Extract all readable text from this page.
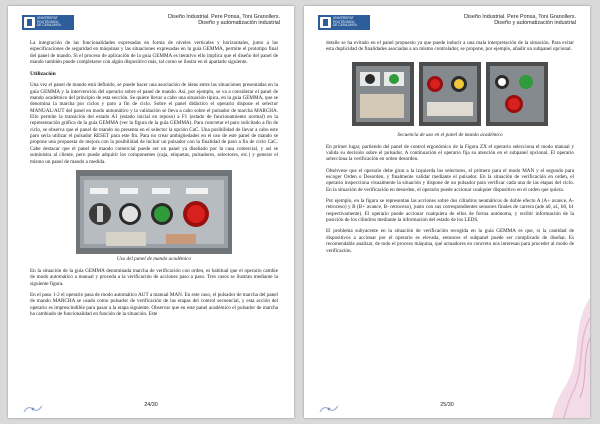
UNIVERSITAT POLITÈCNICA
DE CATALUNYA
Diseño Industrial. Pere Ponsa, Toni Granollers.
Diseño y automatización industrial

La integración de las funcionalidades expresadas en forma de niveles verticales y horizontales, junto a las especificaciones de seguridad en máquinas y las situaciones expresadas en la guía GEMMA, permite el prototipo final del panel de mando. Si el proceso de aplicación de la guía GEMMA es iterativo ello implica que el diseño del panel de mando también puede completarse con algún dispositivo más, tal como se ilustra en el apartado siguiente.

Utilización

Una vez el panel de mando está definido, se puede hacer una asociación de ideas entre las situaciones presentadas en la guía GEMMA y la intervención del operario sobre el panel de mando. Así, por ejemplo, se va a considerar el panel de mando académico del principio de esta sección. Se quiere llevar a cabo una situación típica, en la guía GEMMA, que se denomina la marcha por ciclos y paro a fin de ciclo. Sobre el panel didáctico el operario dispone el selector MANUAL/AUT del panel en modo automático y la validación se lleva a cabo sobre el pulsador de marcha MARCHA. Ello permite la transición del estado A1 (estado inicial en reposo) a F1 (estado de funcionamiento normal) en la representación gráfica de la guía GEMMA (ver la figura de la guía GEMMA). Para concretar el paro solicitado a fin de ciclo, se observa que el panel de mando no presenta en el selector la opción CaC. Una posibilidad de llevar a cabo este paro sería utilizar el pulsador RESET para este fin. Para no crear ambigüedades en el uso de este panel de mando se propone una propuesta de mejora con la posibilidad de incluir un pulsador con la finalidad de paro a fin de ciclo CaC. Cabe destacar que el panel de mando comercial puede ser un panel ya diseñado por la casa comercial, y así se suministra al cliente, pero puede adquirir los componentes (caja, etiquetas, pulsadores, selectores, etc.) y generar el mismo un panel de mando a medida.

Uso del panel de mando académico

En la situación de la guía GEMMA denominada marcha de verificación con orden, es habitual que el operario cambie de modo automático a manual y proceda a la verificación de acciones paso a paso. Tres casos se ilustran mediante la siguiente figura.

En el paso 1-2 el operario pasa de modo automático AUT a manual MAN. En este caso, el pulsador de marcha del panel de mando MARCHA se usado como pulsador de verificación de las etapas del control secuencial, y esta acción del operario es imprescindible para pasar a la etapa siguiente. Observar que en este panel académico el pulsador de marcha ha cambiado de funcionalidad en función de la situación. Este

24/30
UNIVERSITAT POLITÈCNICA
DE CATALUNYA
Diseño Industrial. Pere Ponsa, Toni Granollers.
Diseño y automatización industrial

detalle se ha evitado en el panel propuesto ya que puede inducir a una mala interpretación de la situación. Para evitar esta duplicidad de finalidades asociadas a un mismo controlador, se propone, por ejemplo, añadir un subpanel opcional.

Secuencia de uso en el panel de mando académico

En primer lugar, partiendo del panel de control ergonómico de la Figura ZX el operario selecciona el modo manual y valida su decisión sobre el pulsador. A continuación el operario fija su atención en el subpanel opcional. El operario selecciona la verificación en orden desorden.

Obsérvese que el operario debe girar a la izquierda los selectores, el primero para el modo MAN y el segundo para escoger Orden o Desorden, y finalmente validar mediante el pulsador. En la situación de verificación en orden, el operario inspecciona visualmente la situación y dispone de un pulsador para verificar cada una de las etapas del ciclo. En la situación de verificación en desorden, el operario puede accionar cualquier dispositivo en el orden que quiera.

Por ejemplo, en la figura se representan las acciones sobre dos cilindros neumáticos de doble efecto A (A+ avance, A- retroceso) y B (B+ avance, B- retroceso), junto con sus correspondientes sensores finales de carrera (ade a0, a1, b0, b1 respectivamente). El operario puede accionar cualquiera de ellos de forma autónoma, y recibir información de la posición de los cilindros mediante la información del estado de los LEDS.

El problema subyacente en la situación de verificación recogida en la guía GEMMA es que, si la cantidad de dispositivos a accionar por el operario es elevada, entonces el subpanel puede ser complicado de diseñar. Es recomendable analizar, de todo el proceso máquina, qué actuadores en concreto nos interesan para proceder al modo de verificación.

25/30
